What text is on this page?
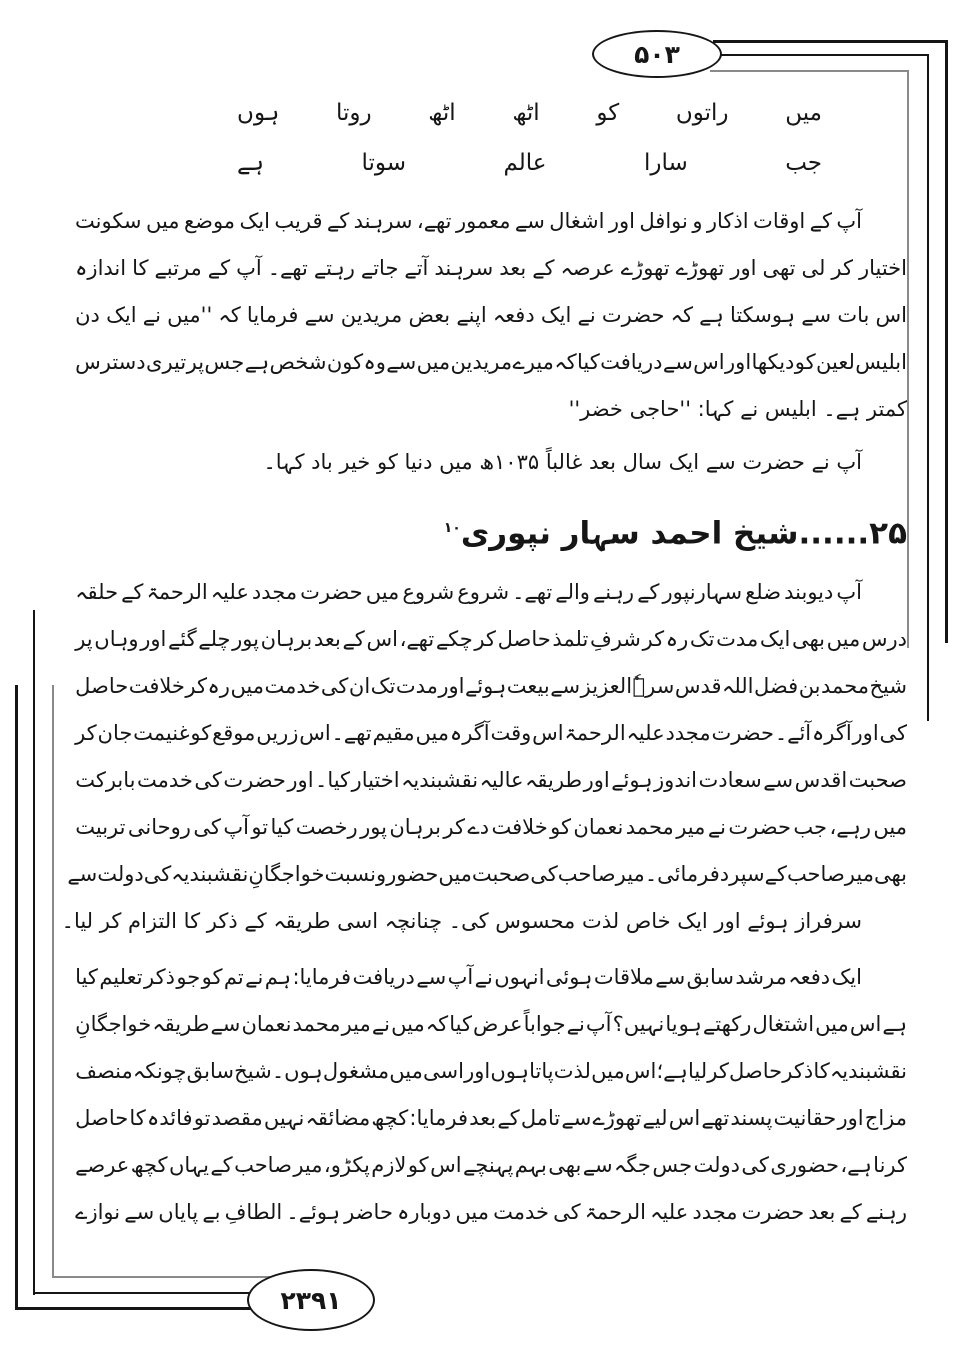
۵۰۳
۲۳۹۱
میں
راتوں
کو
اٹھ
اٹھ
روتا
ہوں
جب
سارا
عالم
سوتا
ہے
آپ
کے
اوقات
اذکار
و
نوافل
اور
اشغال
سے
معمور
تھے،
سرہند
کے
قریب
ایک
موضع
میں
سکونت
اختیار
کر
لی
تھی
اور
تھوڑے
تھوڑے
عرصہ
کے
بعد
سرہند
آتے
جاتے
رہتے
تھے۔
آپ
کے
مرتبے
کا
اندازہ
اس
بات
سے
ہوسکتا
ہے
کہ
حضرت
نے
ایک
دفعہ
اپنے
بعض
مریدین
سے
فرمایا
کہ
''میں
نے
ایک
دن
ابلیس
لعین
کو
دیکھا
اور
اس
سے
دریافت
کیا
کہ
میرے
مریدین
میں
سے
وہ
کون
شخص
ہے
جس
پر
تیری
دسترس
کمتر ہے۔ ابلیس نے کہا: ''حاجی خضر''
آپ نے حضرت سے ایک سال بعد غالباً ۱۰۳۵ھ میں دنیا کو خیر باد کہا۔
۲۵......شیخ احمد سہار نپوری$^{۱۰}$
آپ
دیوبند
ضلع
سہارنپور
کے
رہنے
والے
تھے۔
شروع
شروع
میں
حضرت
مجدد
علیہ
الرحمۃ
کے
حلقہ
درس
میں
بھی
ایک
مدت
تک
رہ
کر
شرفِ
تلمذ
حاصل
کر
چکے
تھے،
اس
کے
بعد
برہان
پور
چلے
گئے
اور
وہاں
پر
شیخ
محمد
بن
فضل
اللہ
قدس
سرہٗ
العزیز
سے
بیعت
ہوئے
اور
مدت
تک
ان
کی
خدمت
میں
رہ
کر
خلافت
حاصل
کی
اور
آگرہ
آئے۔
حضرت
مجدد
علیہ
الرحمۃ
اس
وقت
آگرہ
میں
مقیم
تھے۔
اس
زریں
موقع
کو
غنیمت
جان
کر
صحبت
اقدس
سے
سعادت
اندوز
ہوئے
اور
طریقہ
عالیہ
نقشبندیہ
اختیار
کیا۔
اور
حضرت
کی
خدمت
بابرکت
میں
رہے،
جب
حضرت
نے
میر
محمد
نعمان
کو
خلافت
دے
کر
برہان
پور
رخصت
کیا
تو
آپ
کی
روحانی
تربیت
بھی
میر
صاحب
کے
سپرد
فرمائی۔
میر
صاحب
کی
صحبت
میں
حضور
و
نسبت
خواجگانِ
نقشبندیہ
کی
دولت
سے
سرفراز ہوئے اور ایک خاص لذت محسوس کی۔ چنانچہ اسی طریقہ کے ذکر کا التزام کر لیا۔
ایک
دفعہ
مرشد
سابق
سے
ملاقات
ہوئی
انہوں
نے
آپ
سے
دریافت
فرمایا:
ہم
نے
تم
کو
جو
ذکر
تعلیم
کیا
ہے
اس
میں
اشتغال
رکھتے
ہو
یا
نہیں؟
آپ
نے
جواباً
عرض
کیا
کہ
میں
نے
میر
محمد
نعمان
سے
طریقہ
خواجگانِ
نقشبندیہ
کا
ذکر
حاصل
کر
لیا
ہے؛
اس
میں
لذت
پاتا
ہوں
اور
اسی
میں
مشغول
ہوں۔
شیخ
سابق
چونکہ
منصف
مزاج
اور
حقانیت
پسند
تھے
اس
لیے
تھوڑے
سے
تامل
کے
بعد
فرمایا:
کچھ
مضائقہ
نہیں
مقصد
تو
فائدہ
کا
حاصل
کرنا
ہے،
حضوری
کی
دولت
جس
جگہ
سے
بھی
بہم
پہنچے
اس
کو
لازم
پکڑو،
میر
صاحب
کے
یہاں
کچھ
عرصے
رہنے
کے
بعد
حضرت
مجدد
علیہ
الرحمۃ
کی
خدمت
میں
دوبارہ
حاضر
ہوئے۔
الطافِ
بے
پایاں
سے
نوازے
